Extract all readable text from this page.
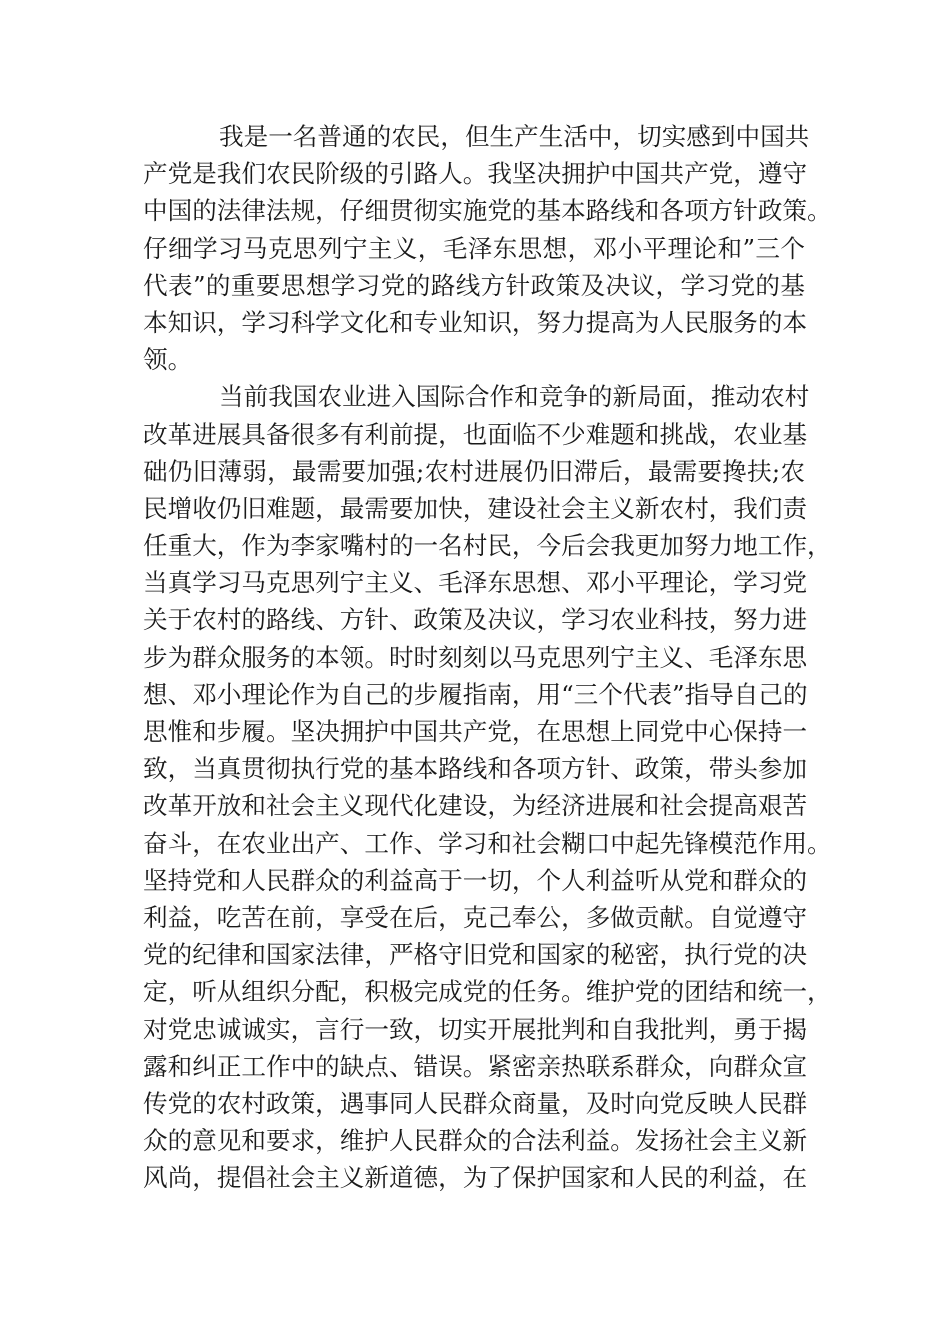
我是一名普通的农民，但生产生活中，切实感到中国共
产党是我们农民阶级的引路人。我坚决拥护中国共产党，遵守
中国的法律法规，仔细贯彻实施党的基本路线和各项方针政策。
仔细学习马克思列宁主义，毛泽东思想，邓小平理论和”三个
代表”的重要思想学习党的路线方针政策及决议，学习党的基
本知识，学习科学文化和专业知识，努力提高为人民服务的本
领。
当前我国农业进入国际合作和竞争的新局面，推动农村
改革进展具备很多有利前提，也面临不少难题和挑战，农业基
础仍旧薄弱，最需要加强;农村进展仍旧滞后，最需要搀扶;农
民增收仍旧难题，最需要加快，建设社会主义新农村，我们责
任重大，作为李家嘴村的一名村民，今后会我更加努力地工作，
当真学习马克思列宁主义、毛泽东思想、邓小平理论，学习党
关于农村的路线、方针、政策及决议，学习农业科技，努力进
步为群众服务的本领。时时刻刻以马克思列宁主义、毛泽东思
想、邓小理论作为自己的步履指南，用“三个代表”指导自己的
思惟和步履。坚决拥护中国共产党，在思想上同党中心保持一
致，当真贯彻执行党的基本路线和各项方针、政策，带头参加
改革开放和社会主义现代化建设，为经济进展和社会提高艰苦
奋斗，在农业出产、工作、学习和社会糊口中起先锋模范作用。
坚持党和人民群众的利益高于一切，个人利益听从党和群众的
利益，吃苦在前，享受在后，克己奉公，多做贡献。自觉遵守
党的纪律和国家法律，严格守旧党和国家的秘密，执行党的决
定，听从组织分配，积极完成党的任务。维护党的团结和统一，
对党忠诚诚实，言行一致，切实开展批判和自我批判，勇于揭
露和纠正工作中的缺点、错误。紧密亲热联系群众，向群众宣
传党的农村政策，遇事同人民群众商量，及时向党反映人民群
众的意见和要求，维护人民群众的合法利益。发扬社会主义新
风尚，提倡社会主义新道德，为了保护国家和人民的利益，在
